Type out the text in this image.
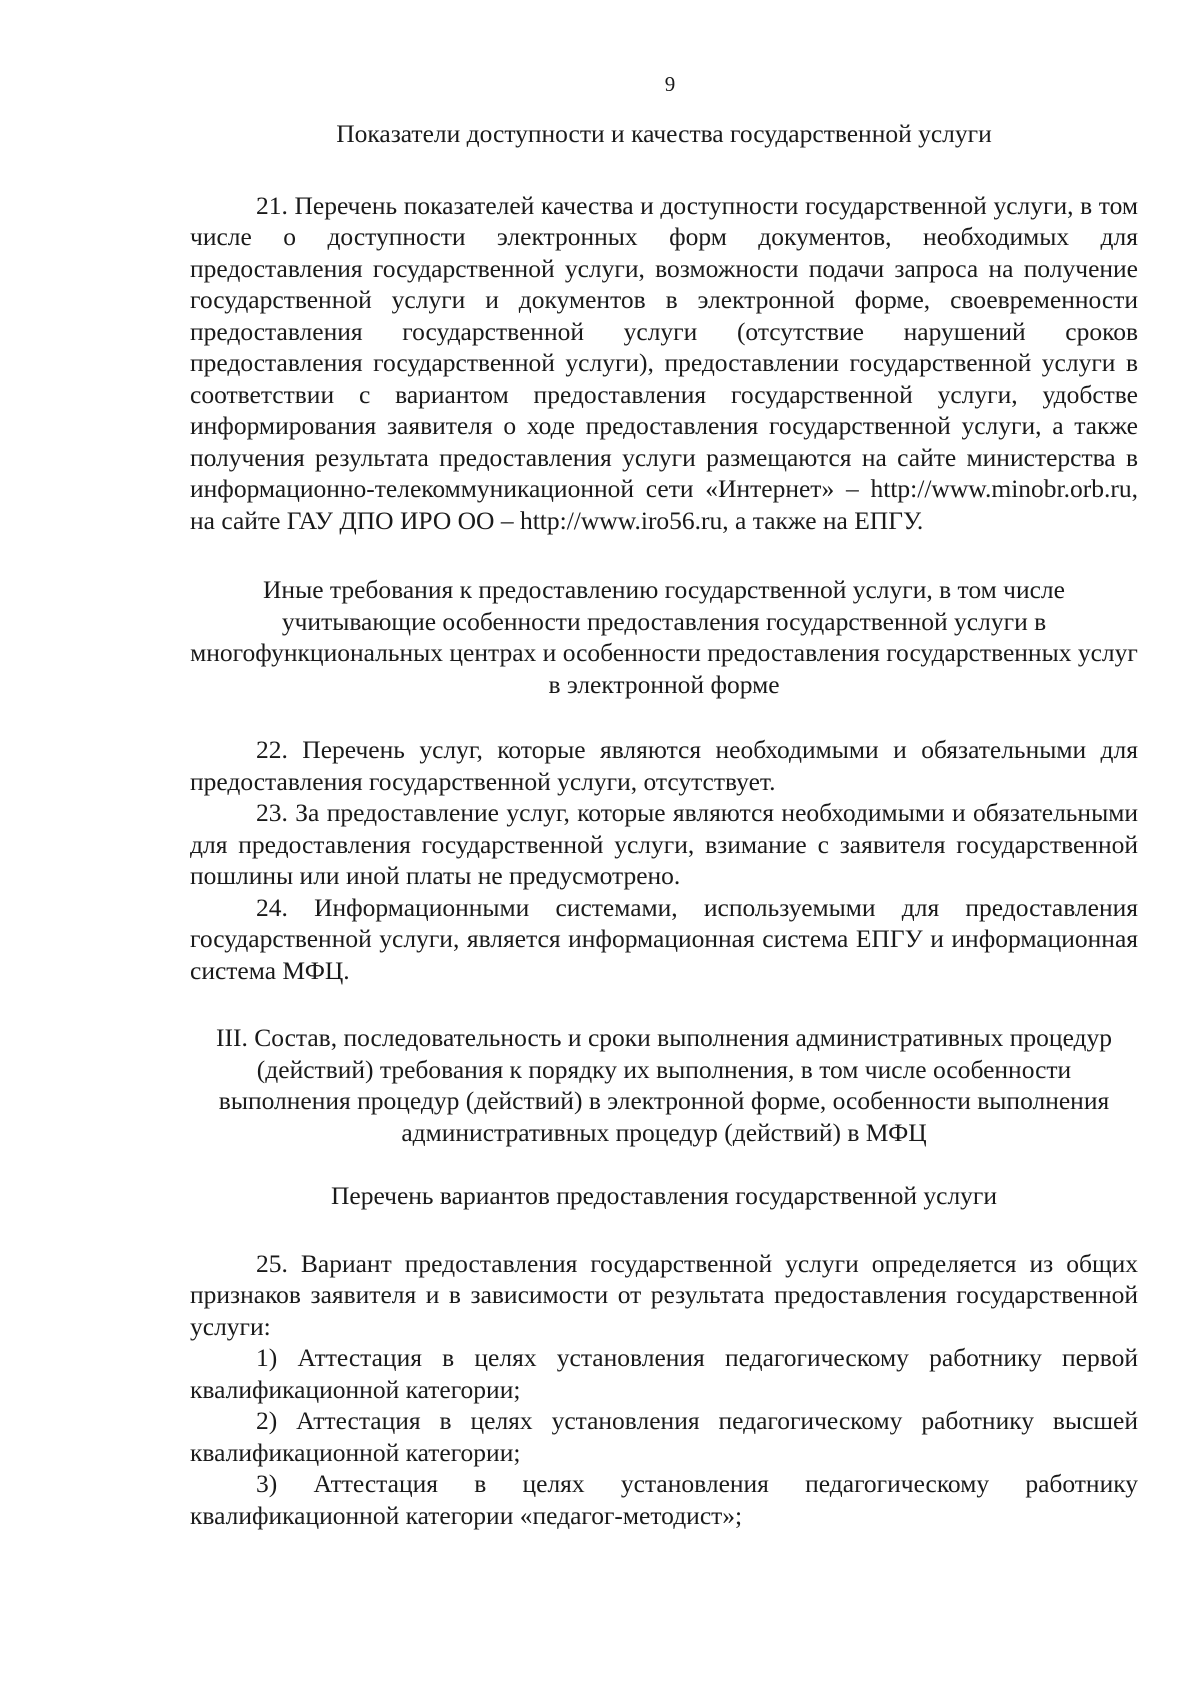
9

Показатели доступности и качества государственной услуги

21. Перечень показателей качества и доступности государственной услуги, в том числе о доступности электронных форм документов, необходимых для предоставления государственной услуги, возможности подачи запроса на получение государственной услуги и документов в электронной форме, своевременности предоставления государственной услуги (отсутствие нарушений сроков предоставления государственной услуги), предоставлении государственной услуги в соответствии с вариантом предоставления государственной услуги, удобстве информирования заявителя о ходе предоставления государственной услуги, а также получения результата предоставления услуги размещаются на сайте министерства в информационно-телекоммуникационной сети «Интернет» – http://www.minobr.orb.ru, на сайте ГАУ ДПО ИРО ОО – http://www.iro56.ru, а также на ЕПГУ.

Иные требования к предоставлению государственной услуги, в том числе учитывающие особенности предоставления государственной услуги в многофункциональных центрах и особенности предоставления государственных услуг в электронной форме

22. Перечень услуг, которые являются необходимыми и обязательными для предоставления государственной услуги, отсутствует.

23. За предоставление услуг, которые являются необходимыми и обязательными для предоставления государственной услуги, взимание с заявителя государственной пошлины или иной платы не предусмотрено.

24. Информационными системами, используемыми для предоставления государственной услуги, является информационная система ЕПГУ и информационная система МФЦ.

III. Состав, последовательность и сроки выполнения административных процедур (действий) требования к порядку их выполнения, в том числе особенности выполнения процедур (действий) в электронной форме, особенности выполнения административных процедур (действий) в МФЦ

Перечень вариантов предоставления государственной услуги

25. Вариант предоставления государственной услуги определяется из общих признаков заявителя и в зависимости от результата предоставления государственной услуги:

1) Аттестация в целях установления педагогическому работнику первой квалификационной категории;

2) Аттестация в целях установления педагогическому работнику высшей квалификационной категории;

3) Аттестация в целях установления педагогическому работнику квалификационной категории «педагог-методист»;
